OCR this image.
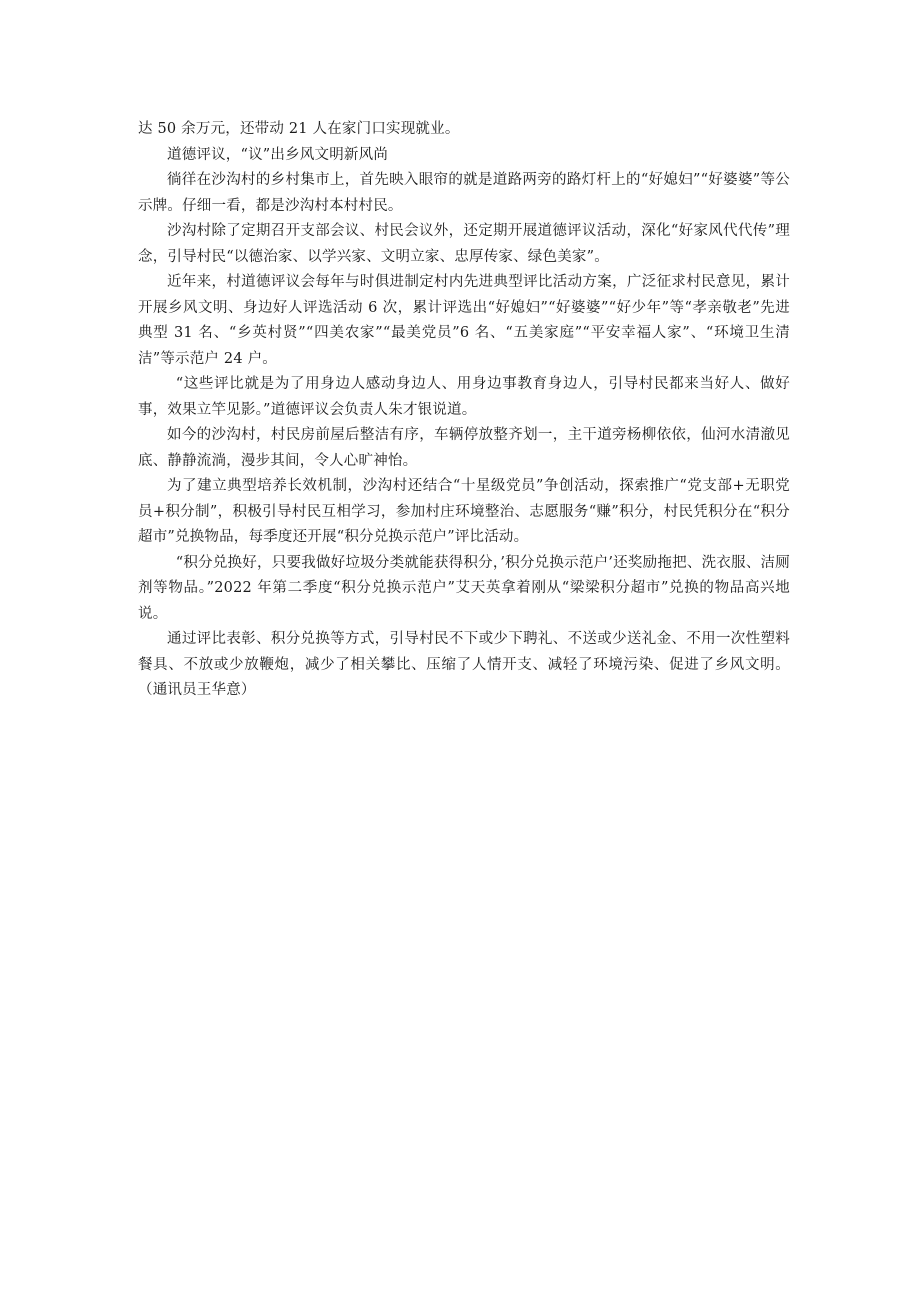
达 50 余万元，还带动 21 人在家门口实现就业。

道德评议，“议”出乡风文明新风尚

徜徉在沙沟村的乡村集市上，首先映入眼帘的就是道路两旁的路灯杆上的“好媳妇”“好婆婆”等公示牌。仔细一看，都是沙沟村本村村民。

沙沟村除了定期召开支部会议、村民会议外，还定期开展道德评议活动，深化“好家风代代传”理念，引导村民“以德治家、以学兴家、文明立家、忠厚传家、绿色美家”。

近年来，村道德评议会每年与时俱进制定村内先进典型评比活动方案，广泛征求村民意见，累计开展乡风文明、身边好人评选活动 6 次，累计评选出“好媳妇”“好婆婆”“好少年”等“孝亲敬老”先进典型 31 名、“乡英村贤”“四美农家”“最美党员”6 名、“五美家庭”“平安幸福人家”、“环境卫生清洁”等示范户 24 户。

“这些评比就是为了用身边人感动身边人、用身边事教育身边人，引导村民都来当好人、做好事，效果立竿见影。”道德评议会负责人朱才银说道。

如今的沙沟村，村民房前屋后整洁有序，车辆停放整齐划一，主干道旁杨柳依依，仙河水清澈见底、静静流淌，漫步其间，令人心旷神怡。

为了建立典型培养长效机制，沙沟村还结合“十星级党员”争创活动，探索推广“党支部+无职党员+积分制”，积极引导村民互相学习，参加村庄环境整治、志愿服务“赚”积分，村民凭积分在“积分超市”兑换物品，每季度还开展“积分兑换示范户”评比活动。

“积分兑换好，只要我做好垃圾分类就能获得积分，’积分兑换示范户’还奖励拖把、洗衣服、洁厕剂等物品。”2022 年第二季度“积分兑换示范户”艾天英拿着刚从“梁梁积分超市”兑换的物品高兴地说。

通过评比表彰、积分兑换等方式，引导村民不下或少下聘礼、不送或少送礼金、不用一次性塑料餐具、不放或少放鞭炮，减少了相关攀比、压缩了人情开支、减轻了环境污染、促进了乡风文明。（通讯员王华意）
